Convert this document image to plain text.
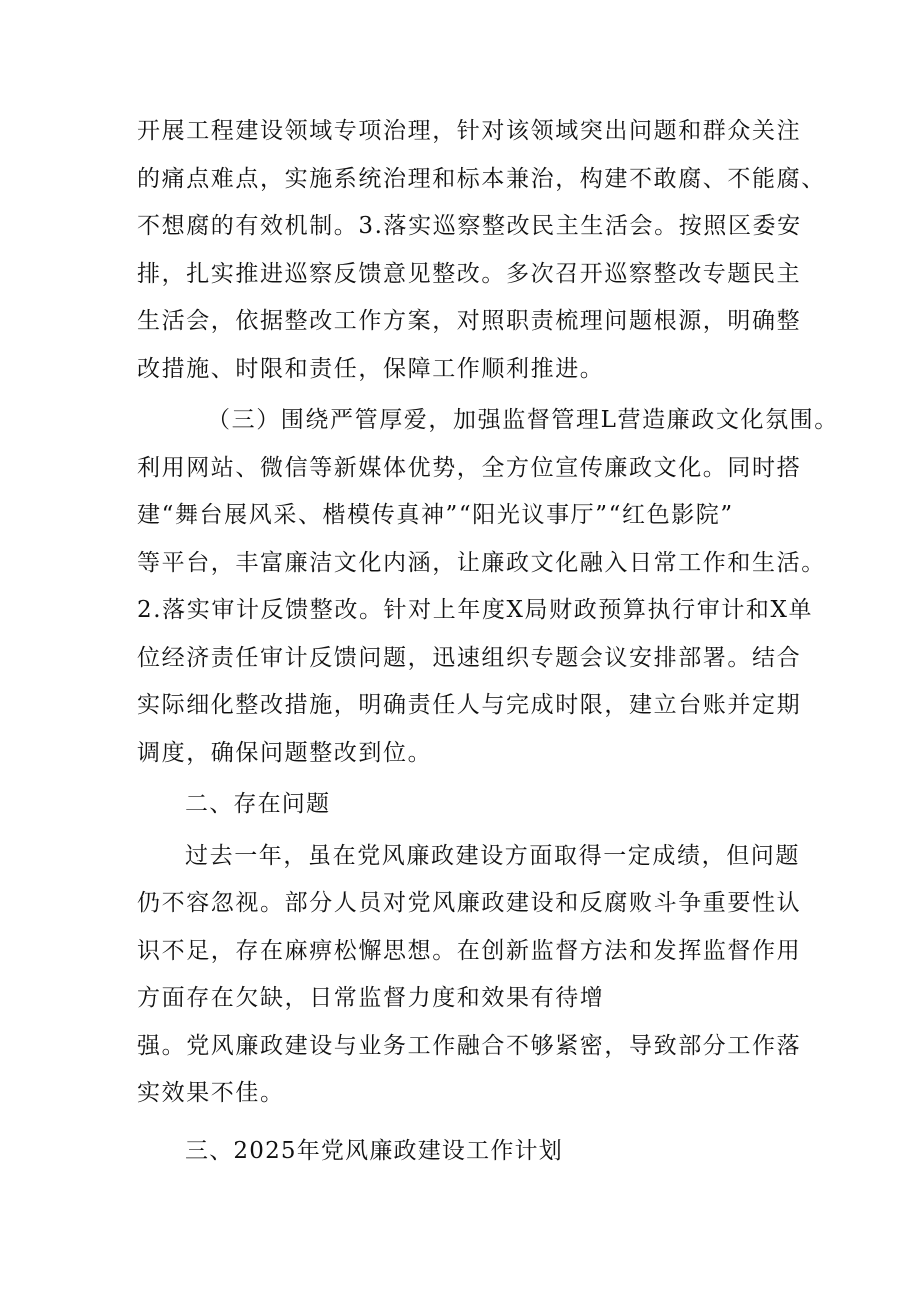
开展工程建设领域专项治理，针对该领域突出问题和群众关注
的痛点难点，实施系统治理和标本兼治，构建不敢腐、不能腐、
不想腐的有效机制。3.落实巡察整改民主生活会。按照区委安
排，扎实推进巡察反馈意见整改。多次召开巡察整改专题民主
生活会，依据整改工作方案，对照职责梳理问题根源，明确整
改措施、时限和责任，保障工作顺利推进。
（三）围绕严管厚爱，加强监督管理L营造廉政文化氛围。
利用网站、微信等新媒体优势，全方位宣传廉政文化。同时搭
建“舞台展风采、楷模传真神”“阳光议事厅”“红色影院”
等平台，丰富廉洁文化内涵，让廉政文化融入日常工作和生活。
2.落实审计反馈整改。针对上年度X局财政预算执行审计和X单
位经济责任审计反馈问题，迅速组织专题会议安排部署。结合
实际细化整改措施，明确责任人与完成时限，建立台账并定期
调度，确保问题整改到位。
二、存在问题
过去一年，虽在党风廉政建设方面取得一定成绩，但问题
仍不容忽视。部分人员对党风廉政建设和反腐败斗争重要性认
识不足，存在麻痹松懈思想。在创新监督方法和发挥监督作用
方面存在欠缺，日常监督力度和效果有待增
强。党风廉政建设与业务工作融合不够紧密，导致部分工作落
实效果不佳。
三、2025年党风廉政建设工作计划
